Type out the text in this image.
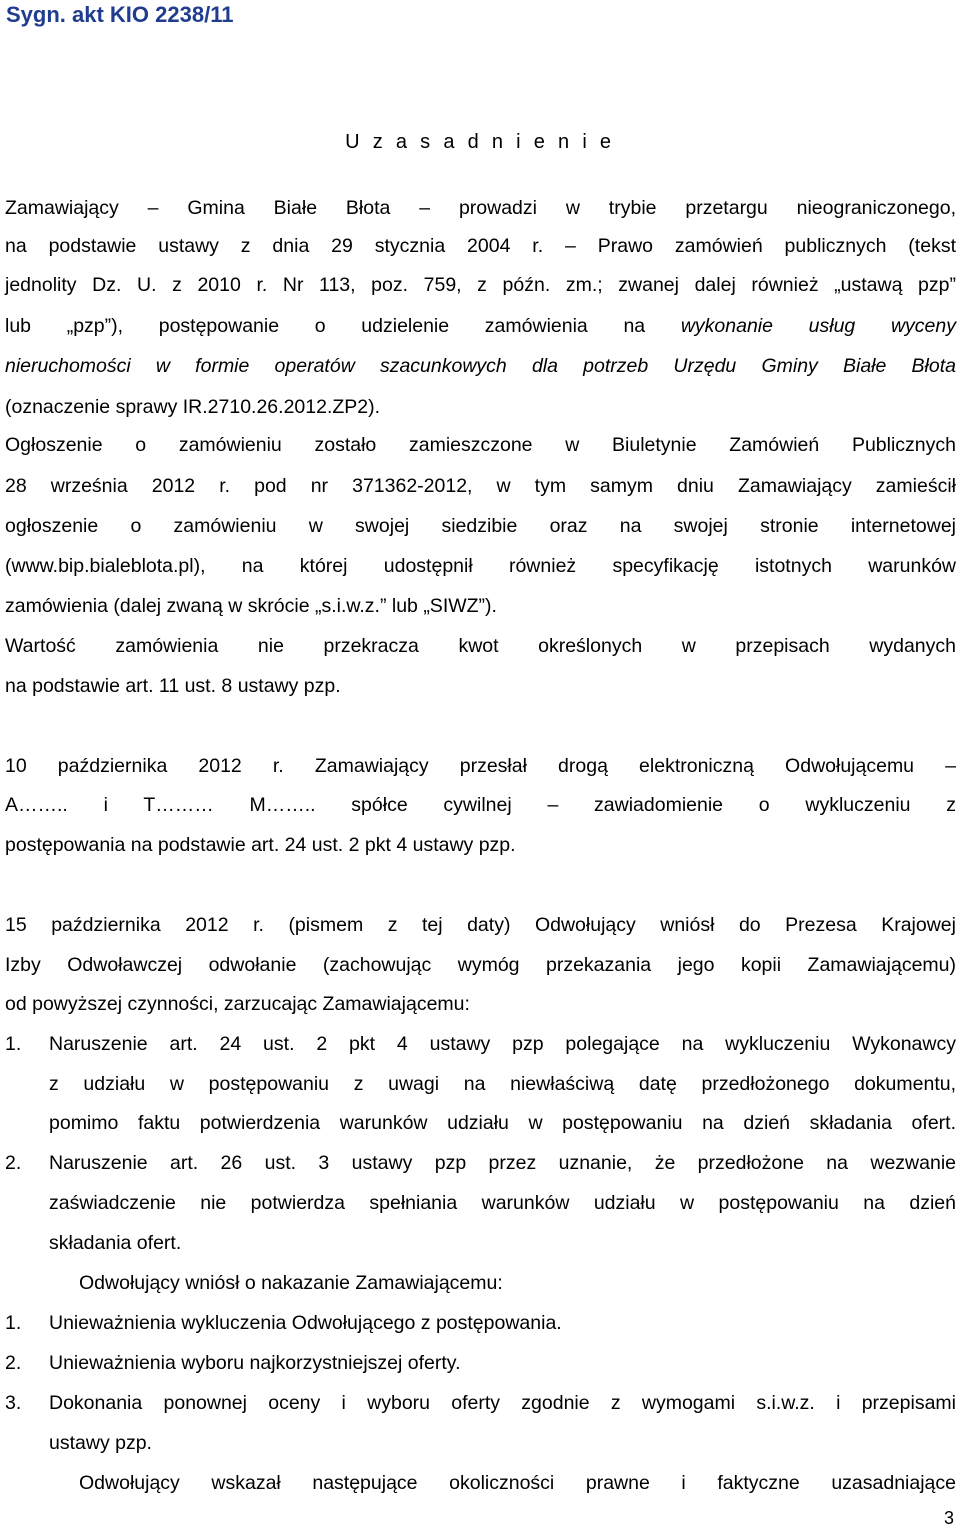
Sygn. akt KIO 2238/11
U z a s a d n i e n i e
Zamawiający – Gmina Białe Błota – prowadzi w trybie przetargu nieograniczonego,
na podstawie ustawy z dnia 29 stycznia 2004 r. – Prawo zamówień publicznych (tekst
jednolity Dz. U. z 2010 r. Nr 113, poz. 759, z późn. zm.; zwanej dalej również „ustawą pzp”
lub „pzp”), postępowanie o udzielenie zamówienia na wykonanie usług wyceny
nieruchomości w formie operatów szacunkowych dla potrzeb Urzędu Gminy Białe Błota
(oznaczenie sprawy IR.2710.26.2012.ZP2).
Ogłoszenie o zamówieniu zostało zamieszczone w Biuletynie Zamówień Publicznych
28 września 2012 r. pod nr 371362-2012, w tym samym dniu Zamawiający zamieścił
ogłoszenie o zamówieniu w swojej siedzibie oraz na swojej stronie internetowej
(www.bip.bialeblota.pl), na której udostępnił również specyfikację istotnych warunków
zamówienia (dalej zwaną w skrócie „s.i.w.z.” lub „SIWZ”).
Wartość zamówienia nie przekracza kwot określonych w przepisach wydanych
na podstawie art. 11 ust. 8 ustawy pzp.
10 października 2012 r. Zamawiający przesłał drogą elektroniczną Odwołującemu –
A…….. i T……… M…….. spółce cywilnej – zawiadomienie o wykluczeniu z
postępowania na podstawie art. 24 ust. 2 pkt 4 ustawy pzp.
15 października 2012 r. (pismem z tej daty) Odwołujący wniósł do Prezesa Krajowej
Izby Odwoławczej odwołanie (zachowując wymóg przekazania jego kopii Zamawiającemu)
od powyższej czynności, zarzucając Zamawiającemu:
1.	Naruszenie art. 24 ust. 2 pkt 4 ustawy pzp polegające na wykluczeniu Wykonawcy
z udziału w postępowaniu z uwagi na niewłaściwą datę przedłożonego dokumentu,
pomimo faktu potwierdzenia warunków udziału w postępowaniu na dzień składania ofert.
2.	Naruszenie art. 26 ust. 3 ustawy pzp przez uznanie, że przedłożone na wezwanie
zaświadczenie nie potwierdza spełniania warunków udziału w postępowaniu na dzień
składania ofert.
Odwołujący wniósł o nakazanie Zamawiającemu:
1.	Unieważnienia wykluczenia Odwołującego z postępowania.
2.	Unieważnienia wyboru najkorzystniejszej oferty.
3.	Dokonania ponownej oceny i wyboru oferty zgodnie z wymogami s.i.w.z. i przepisami
ustawy pzp.
Odwołujący wskazał następujące okoliczności prawne i faktyczne uzasadniające
3
